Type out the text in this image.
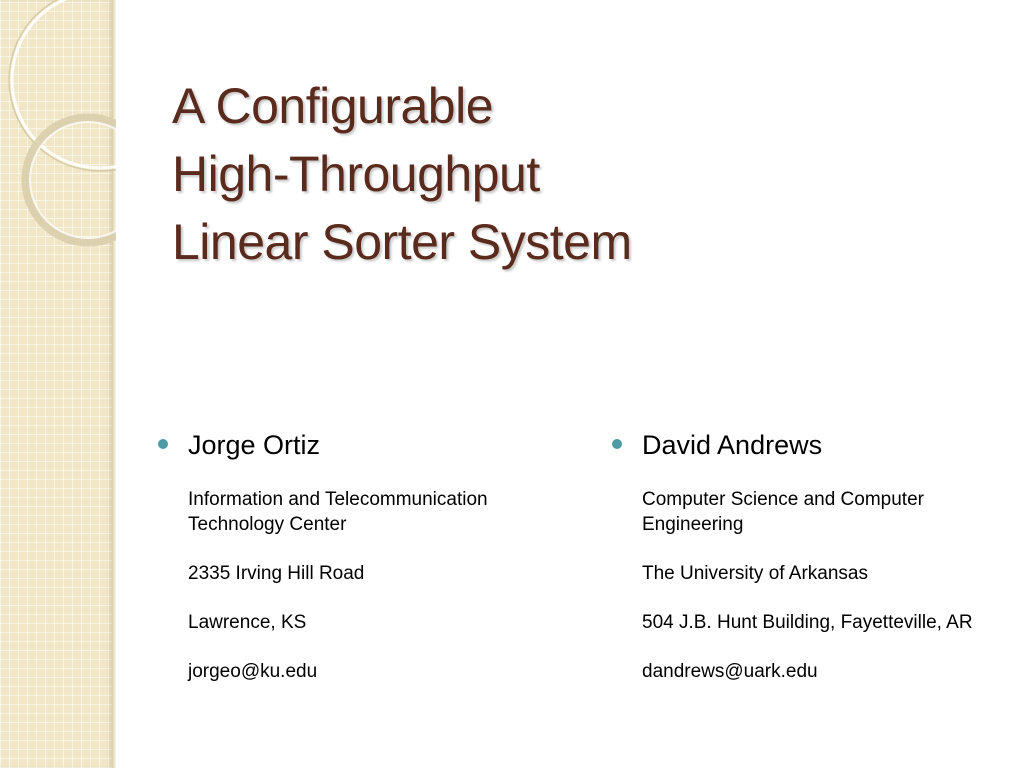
A Configurable
High-Throughput
Linear Sorter System
Jorge Ortiz
Information and Telecommunication Technology Center
2335 Irving Hill Road
Lawrence, KS
jorgeo@ku.edu
David Andrews
Computer Science and Computer Engineering
The University of Arkansas
504 J.B. Hunt Building, Fayetteville, AR
dandrews@uark.edu
